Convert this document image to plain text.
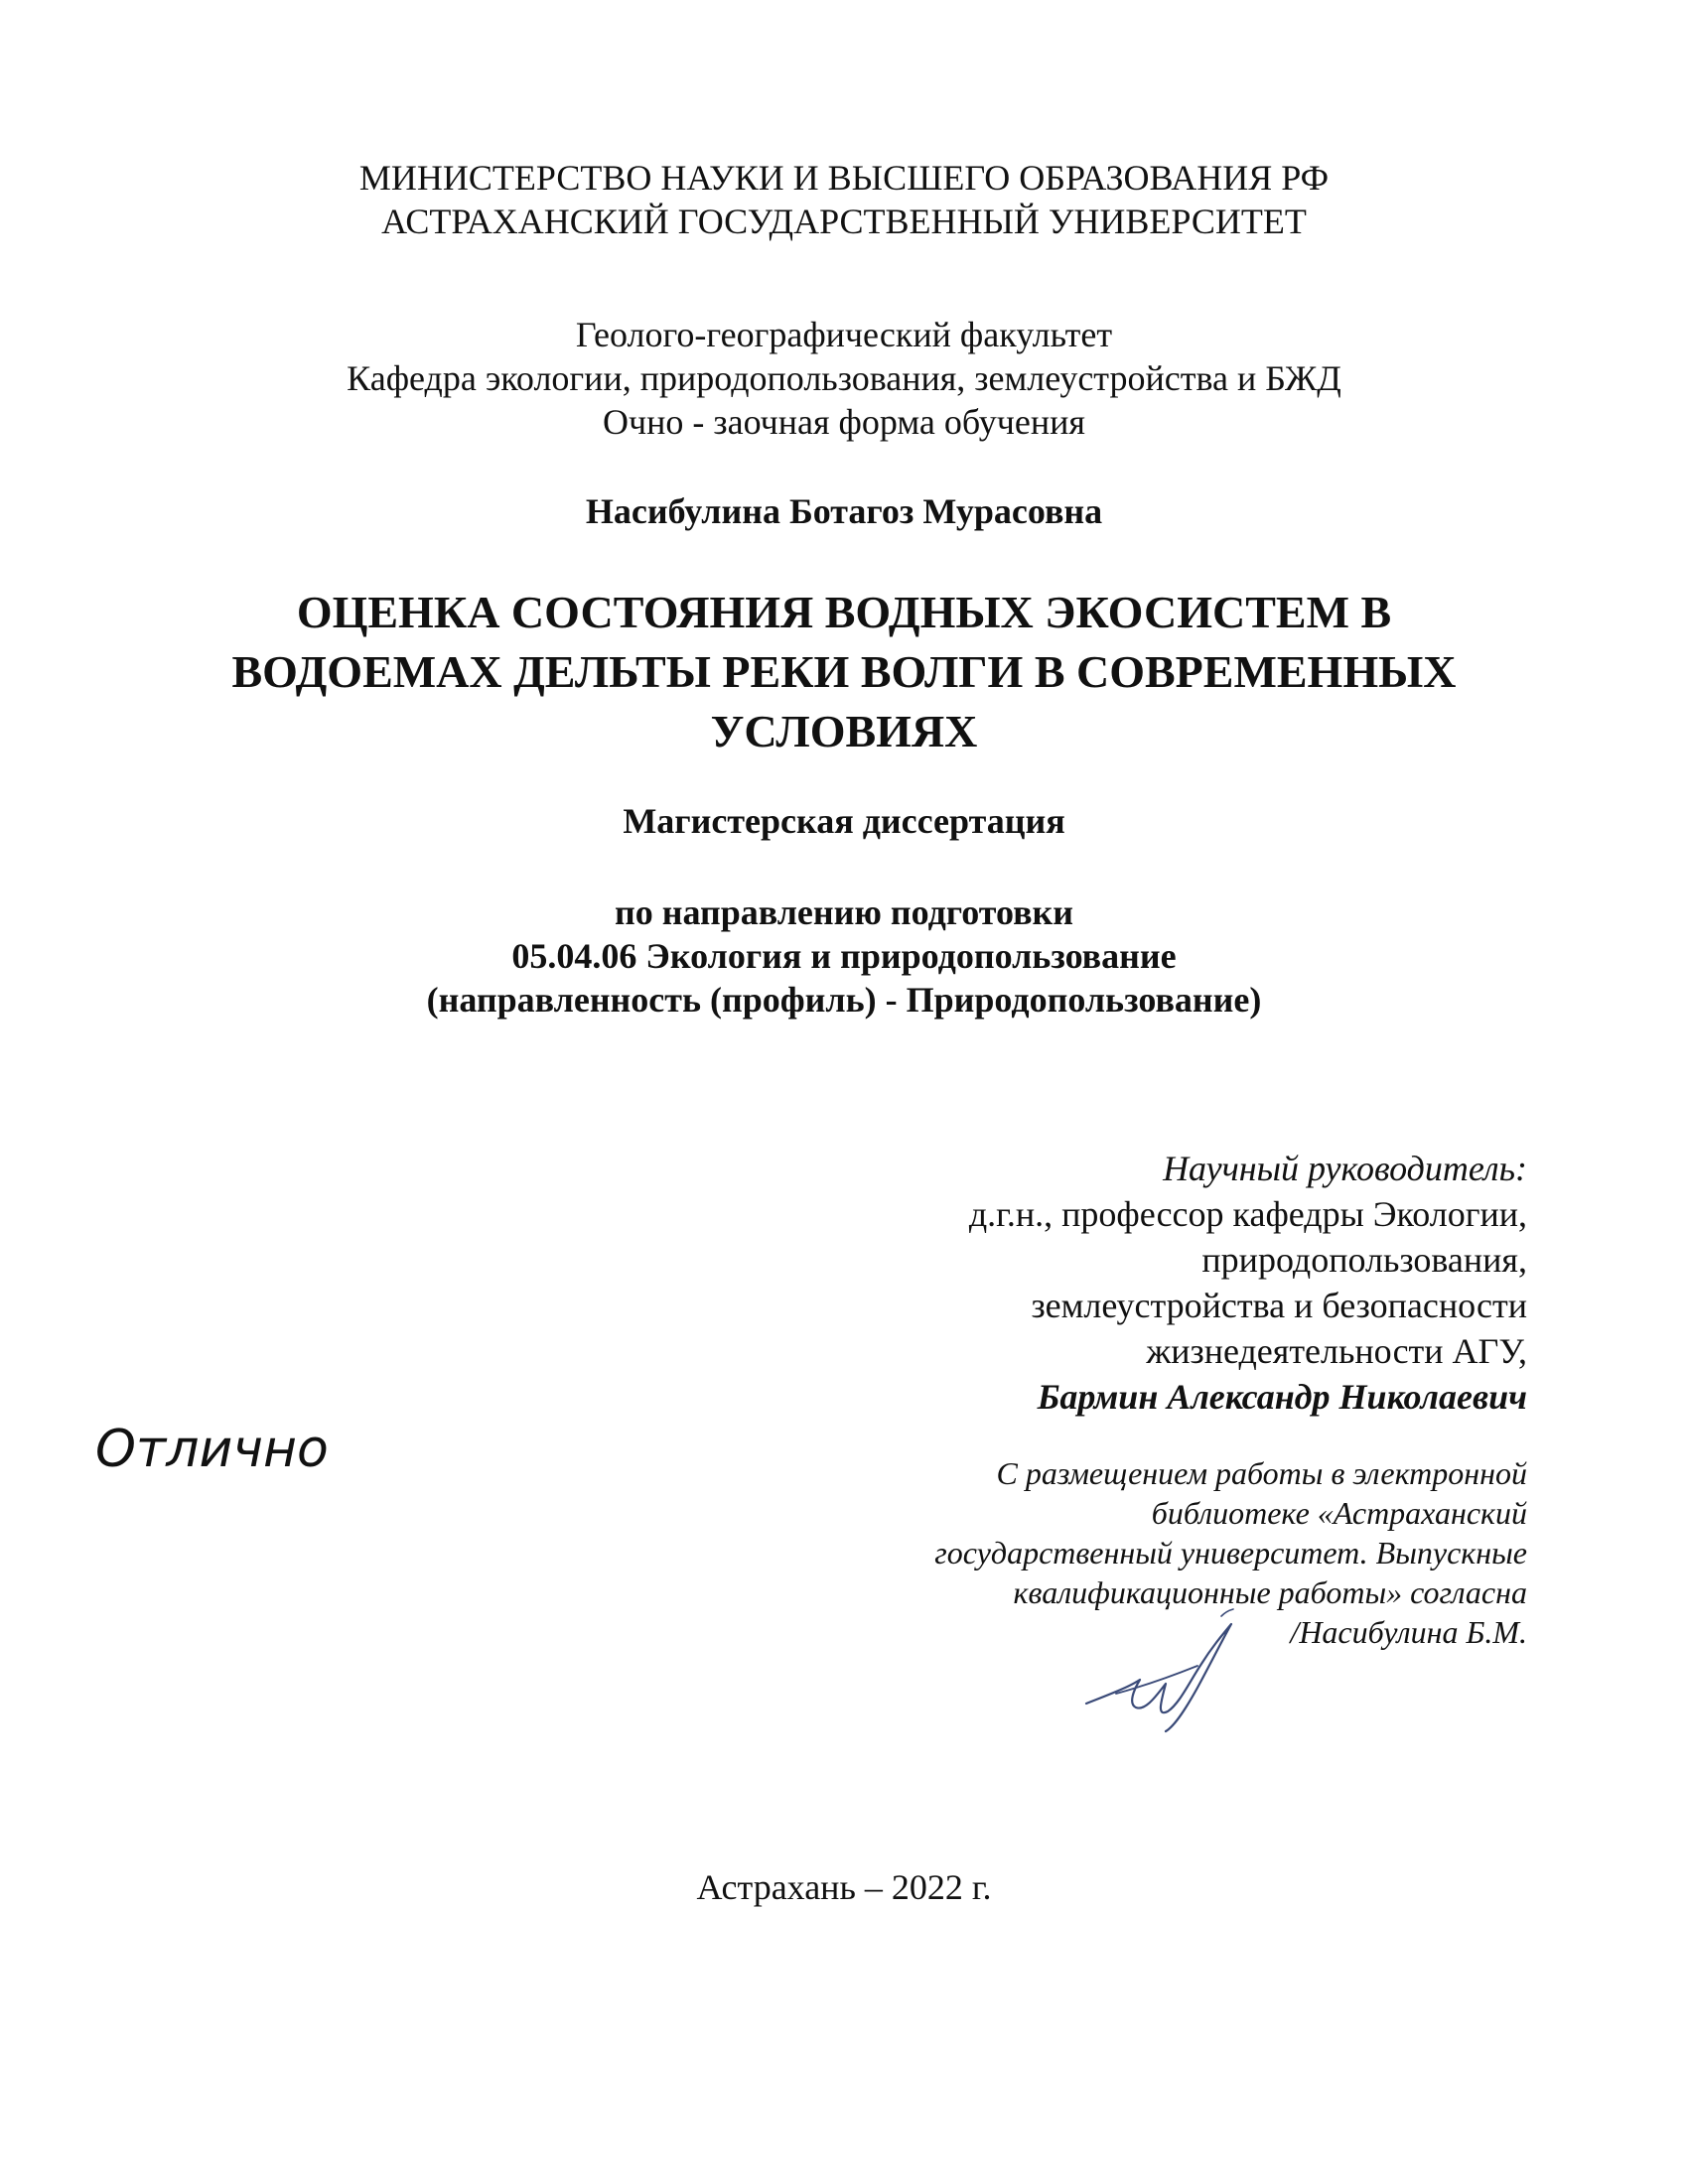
МИНИСТЕРСТВО НАУКИ И ВЫСШЕГО ОБРАЗОВАНИЯ РФ
АСТРАХАНСКИЙ ГОСУДАРСТВЕННЫЙ УНИВЕРСИТЕТ
Геолого-географический факультет
Кафедра экологии, природопользования, землеустройства и БЖД
Очно - заочная форма обучения
Насибулина Ботагоз Мурасовна
ОЦЕНКА СОСТОЯНИЯ ВОДНЫХ ЭКОСИСТЕМ В
ВОДОЕМАХ ДЕЛЬТЫ РЕКИ ВОЛГИ В СОВРЕМЕННЫХ
УСЛОВИЯХ
Магистерская диссертация
по направлению подготовки
05.04.06 Экология и природопользование
(направленность (профиль) - Природопользование)
Научный руководитель:
д.г.н., профессор кафедры Экологии,
природопользования,
землеустройства и безопасности
жизнедеятельности АГУ,
Бармин Александр Николаевич
Отлично	С размещением работы в электронной
библиотеке «Астраханский
государственный университет. Выпускные
квалификационные работы» согласна
/Насибулина Б.М.
Астрахань – 2022 г.
